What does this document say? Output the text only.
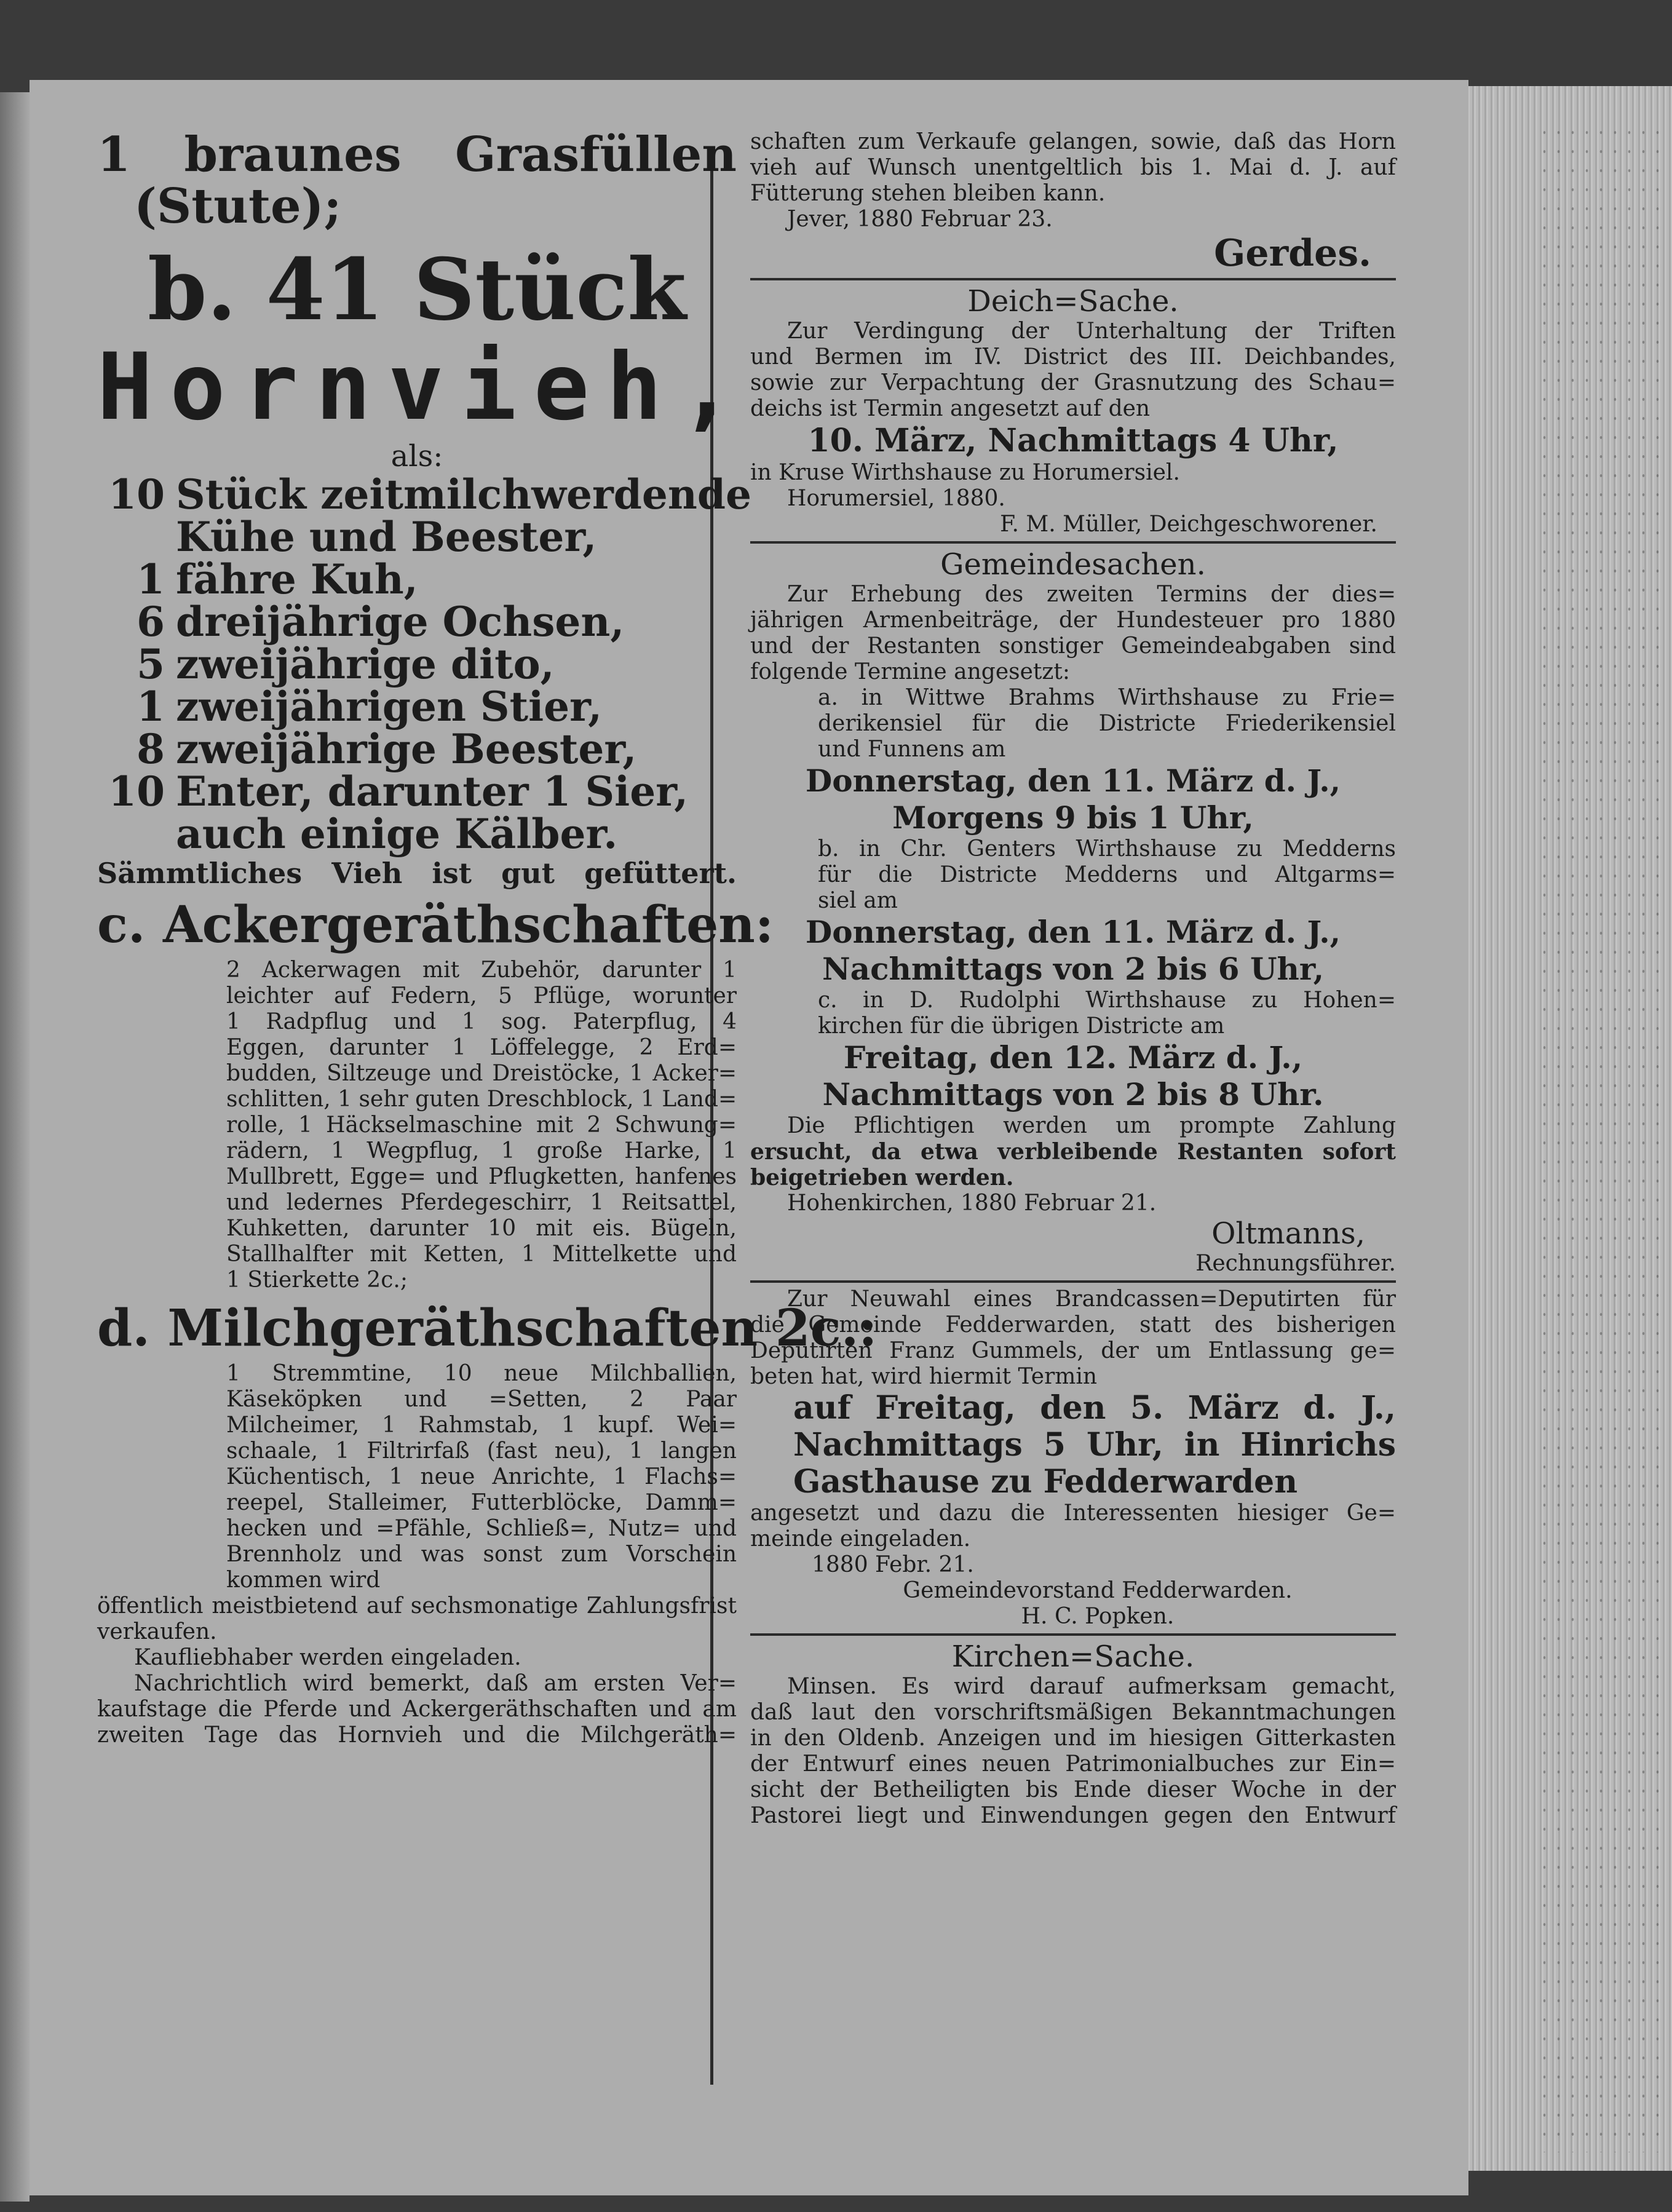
1 braunes Grasfüllen
(Stute);
b. 41 Stück
Hornvieh,
als:
10 Stück zeitmilchwerdende
Kühe und Beester,
1 fähre Kuh,
6 dreijährige Ochsen,
5 zweijährige dito,
1 zweijährigen Stier,
8 zweijährige Beester,
10 Enter, darunter 1 Sier,
auch einige Kälber.
Sämmtliches Vieh ist gut gefüttert.
c. Ackergeräthschaften:
2 Ackerwagen mit Zubehör, darunter 1
leichter auf Federn, 5 Pflüge, worunter
1 Radpflug und 1 sog. Paterpflug, 4
Eggen, darunter 1 Löffelegge, 2 Erd=
budden, Siltzeuge und Dreistöcke, 1 Acker=
schlitten, 1 sehr guten Dreschblock, 1 Land=
rolle, 1 Häckselmaschine mit 2 Schwung=
rädern, 1 Wegpflug, 1 große Harke, 1
Mullbrett, Egge= und Pflugketten, hanfenes
und ledernes Pferdegeschirr, 1 Reitsattel,
Kuhketten, darunter 10 mit eis. Bügeln,
Stallhalfter mit Ketten, 1 Mittelkette und
1 Stierkette 2c.;
d. Milchgeräthschaften 2c.:
1 Stremmtine, 10 neue Milchballien,
Käseköpken und =Setten, 2 Paar
Milcheimer, 1 Rahmstab, 1 kupf. Wei=
schaale, 1 Filtrirfaß (fast neu), 1 langen
Küchentisch, 1 neue Anrichte, 1 Flachs=
reepel, Stalleimer, Futterblöcke, Damm=
hecken und =Pfähle, Schließ=, Nutz= und
Brennholz und was sonst zum Vorschein
kommen wird
öffentlich meistbietend auf sechsmonatige Zahlungsfrist
verkaufen.
Kaufliebhaber werden eingeladen.
Nachrichtlich wird bemerkt, daß am ersten Ver=
kaufstage die Pferde und Ackergeräthschaften und am
zweiten Tage das Hornvieh und die Milchgeräth=
schaften zum Verkaufe gelangen, sowie, daß das Horn
vieh auf Wunsch unentgeltlich bis 1. Mai d. J. auf
Fütterung stehen bleiben kann.
Jever, 1880 Februar 23.
Gerdes.
Deich=Sache.
Zur Verdingung der Unterhaltung der Triften
und Bermen im IV. District des III. Deichbandes,
sowie zur Verpachtung der Grasnutzung des Schau=
deichs ist Termin angesetzt auf den
10. März, Nachmittags 4 Uhr,
in Kruse Wirthshause zu Horumersiel.
Horumersiel, 1880.
F. M. Müller, Deichgeschworener.
Gemeindesachen.
Zur Erhebung des zweiten Termins der dies=
jährigen Armenbeiträge, der Hundesteuer pro 1880
und der Restanten sonstiger Gemeindeabgaben sind
folgende Termine angesetzt:
a. in Wittwe Brahms Wirthshause zu Frie=
derikensiel für die Districte Friederikensiel
und Funnens am
Donnerstag, den 11. März d. J.,
Morgens 9 bis 1 Uhr,
b. in Chr. Genters Wirthshause zu Medderns
für die Districte Medderns und Altgarms=
siel am
Donnerstag, den 11. März d. J.,
Nachmittags von 2 bis 6 Uhr,
c. in D. Rudolphi Wirthshause zu Hohen=
kirchen für die übrigen Districte am
Freitag, den 12. März d. J.,
Nachmittags von 2 bis 8 Uhr.
Die Pflichtigen werden um prompte Zahlung
ersucht, da etwa verbleibende Restanten sofort
beigetrieben werden.
Hohenkirchen, 1880 Februar 21.
Oltmanns,
Rechnungsführer.
Zur Neuwahl eines Brandcassen=Deputirten für
die Gemeinde Fedderwarden, statt des bisherigen
Deputirten Franz Gummels, der um Entlassung ge=
beten hat, wird hiermit Termin
auf Freitag, den 5. März d. J.,
Nachmittags 5 Uhr, in Hinrichs
Gasthause zu Fedderwarden
angesetzt und dazu die Interessenten hiesiger Ge=
meinde eingeladen.
1880 Febr. 21.
Gemeindevorstand Fedderwarden.
H. C. Popken.
Kirchen=Sache.
Minsen. Es wird darauf aufmerksam gemacht,
daß laut den vorschriftsmäßigen Bekanntmachungen
in den Oldenb. Anzeigen und im hiesigen Gitterkasten
der Entwurf eines neuen Patrimonialbuches zur Ein=
sicht der Betheiligten bis Ende dieser Woche in der
Pastorei liegt und Einwendungen gegen den Entwurf
